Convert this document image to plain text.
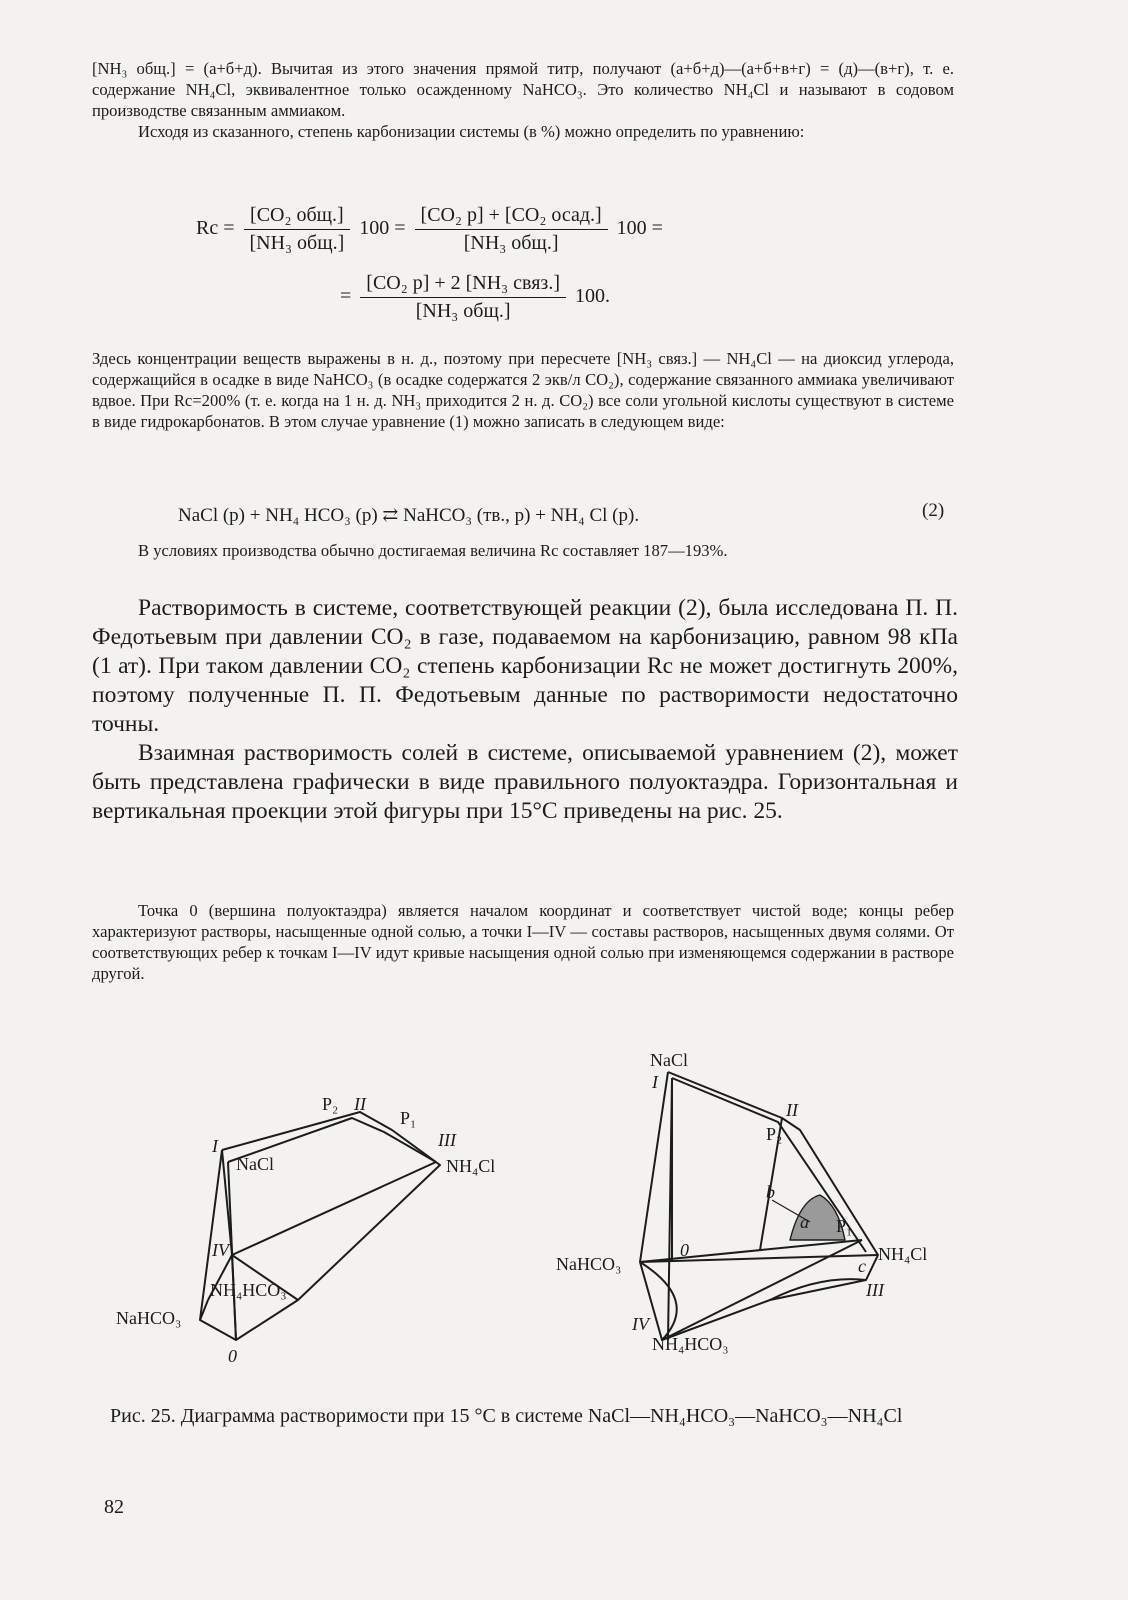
[NH₃ общ.] = (а+б+д). Вычитая из этого значения прямой титр, получают (а+б+д)—(а+б+в+г) = (д)—(в+г), т. е. содержание NH₄Cl, эквивалентное только осажденному NaHCO₃. Это количество NH₄Cl и называют в содовом производстве связанным аммиаком.

Исходя из сказанного, степень карбонизации системы (в %) можно определить по уравнению:

$Rc = \frac{\text{[CO₂ общ.]}}{\text{[NH₃ общ.]}} 100 = \frac{\text{[CO₂ р] + [CO₂ осад.]}}{\text{[NH₃ общ.]}} 100$ =
= $\frac{\text{[CO₂ р] + 2 [NH₃ связ.]}}{\text{[NH₃ общ.]}} 100$.

Здесь концентрации веществ выражены в н. д., поэтому при пересчете [NH₃ связ.] — NH₄Cl — на диоксид углерода, содержащийся в осадке в виде NaHCO₃ (в осадке содержатся 2 экв/л CO₂), содержание связанного аммиака увеличивают вдвое. При Rc=200% (т. е. когда на 1 н. д. NH₃ приходится 2 н. д. CO₂) все соли угольной кислоты существуют в системе в виде гидрокарбонатов. В этом случае уравнение (1) можно записать в следующем виде:

NaCl (р) + NH₄ HCO₃ (р) ⇄ NaHCO₃ (тв., р) + NH₄ Cl (р).	(2)

В условиях производства обычно достигаемая величина Rc составляет 187—193%.

Растворимость в системе, соответствующей реакции (2), была исследована П. П. Федотьевым при давлении CO₂ в газе, подаваемом на карбонизацию, равном 98 кПа (1 ат). При таком давлении CO₂ степень карбонизации Rc не может достигнуть 200%, поэтому полученные П. П. Федотьевым данные по растворимости недостаточно точны.

Взаимная растворимость солей в системе, описываемой уравнением (2), может быть представлена графически в виде правильного полуоктаэдра. Горизонтальная и вертикальная проекции этой фигуры при 15°C приведены на рис. 25.

Точка 0 (вершина полуоктаэдра) является началом координат и соответствует чистой воде; концы ребер характеризуют растворы, насыщенные одной солью, а точки I—IV — составы растворов, насыщенных двумя солями. От соответствующих ребер к точкам I—IV идут кривые насыщения одной солью при изменяющемся содержании в растворе другой.

P₂ II
P₁
III
I
NaCl	NH₄Cl
IV
NH₄HCO₃
NaHCO₃
0
NaCl
I
II
P₂
b
a P₁
0
NaHCO₃	NH₄Cl
c
III
IV
NH₄HCO₃
Рис. 25. Диаграмма растворимости при 15 °C в системе NaCl—NH₄HCO₃—NaHCO₃—NH₄Cl
82
